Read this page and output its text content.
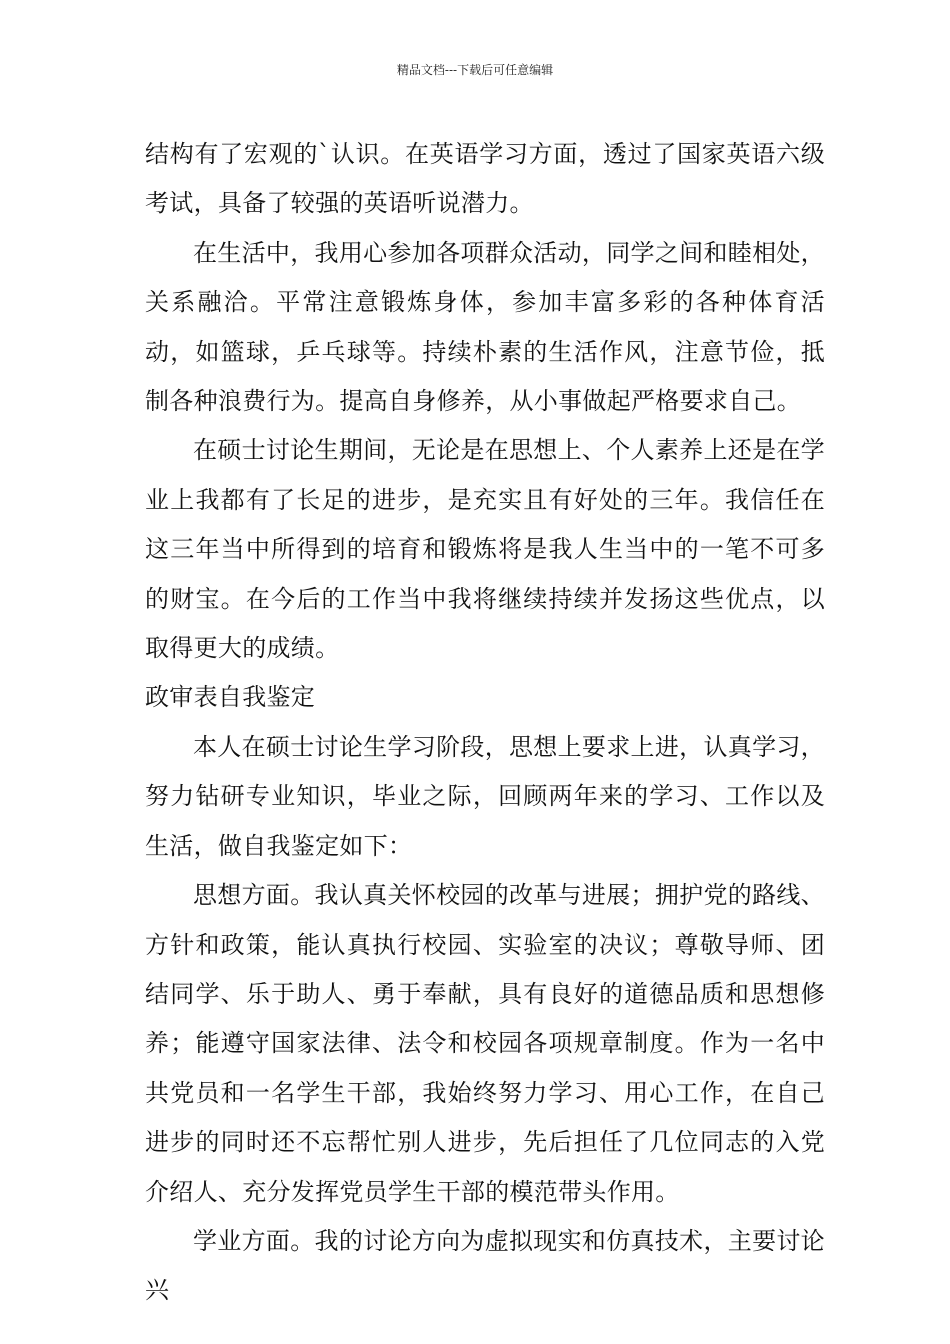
精品文档---下载后可任意编辑

结构有了宏观的`认识。在英语学习方面，透过了国家英语六级考试，具备了较强的英语听说潜力。

在生活中，我用心参加各项群众活动，同学之间和睦相处，关系融洽。平常注意锻炼身体，参加丰富多彩的各种体育活动，如篮球，乒乓球等。持续朴素的生活作风，注意节俭，抵制各种浪费行为。提高自身修养，从小事做起严格要求自己。

在硕士讨论生期间，无论是在思想上、个人素养上还是在学业上我都有了长足的进步，是充实且有好处的三年。我信任在这三年当中所得到的培育和锻炼将是我人生当中的一笔不可多的财宝。在今后的工作当中我将继续持续并发扬这些优点，以取得更大的成绩。

政审表自我鉴定

本人在硕士讨论生学习阶段，思想上要求上进，认真学习，努力钻研专业知识，毕业之际，回顾两年来的学习、工作以及生活，做自我鉴定如下：

思想方面。我认真关怀校园的改革与进展；拥护党的路线、方针和政策，能认真执行校园、实验室的决议；尊敬导师、团结同学、乐于助人、勇于奉献，具有良好的道德品质和思想修养；能遵守国家法律、法令和校园各项规章制度。作为一名中共党员和一名学生干部，我始终努力学习、用心工作，在自己进步的同时还不忘帮忙别人进步，先后担任了几位同志的入党介绍人、充分发挥党员学生干部的模范带头作用。

学业方面。我的讨论方向为虚拟现实和仿真技术，主要讨论兴
